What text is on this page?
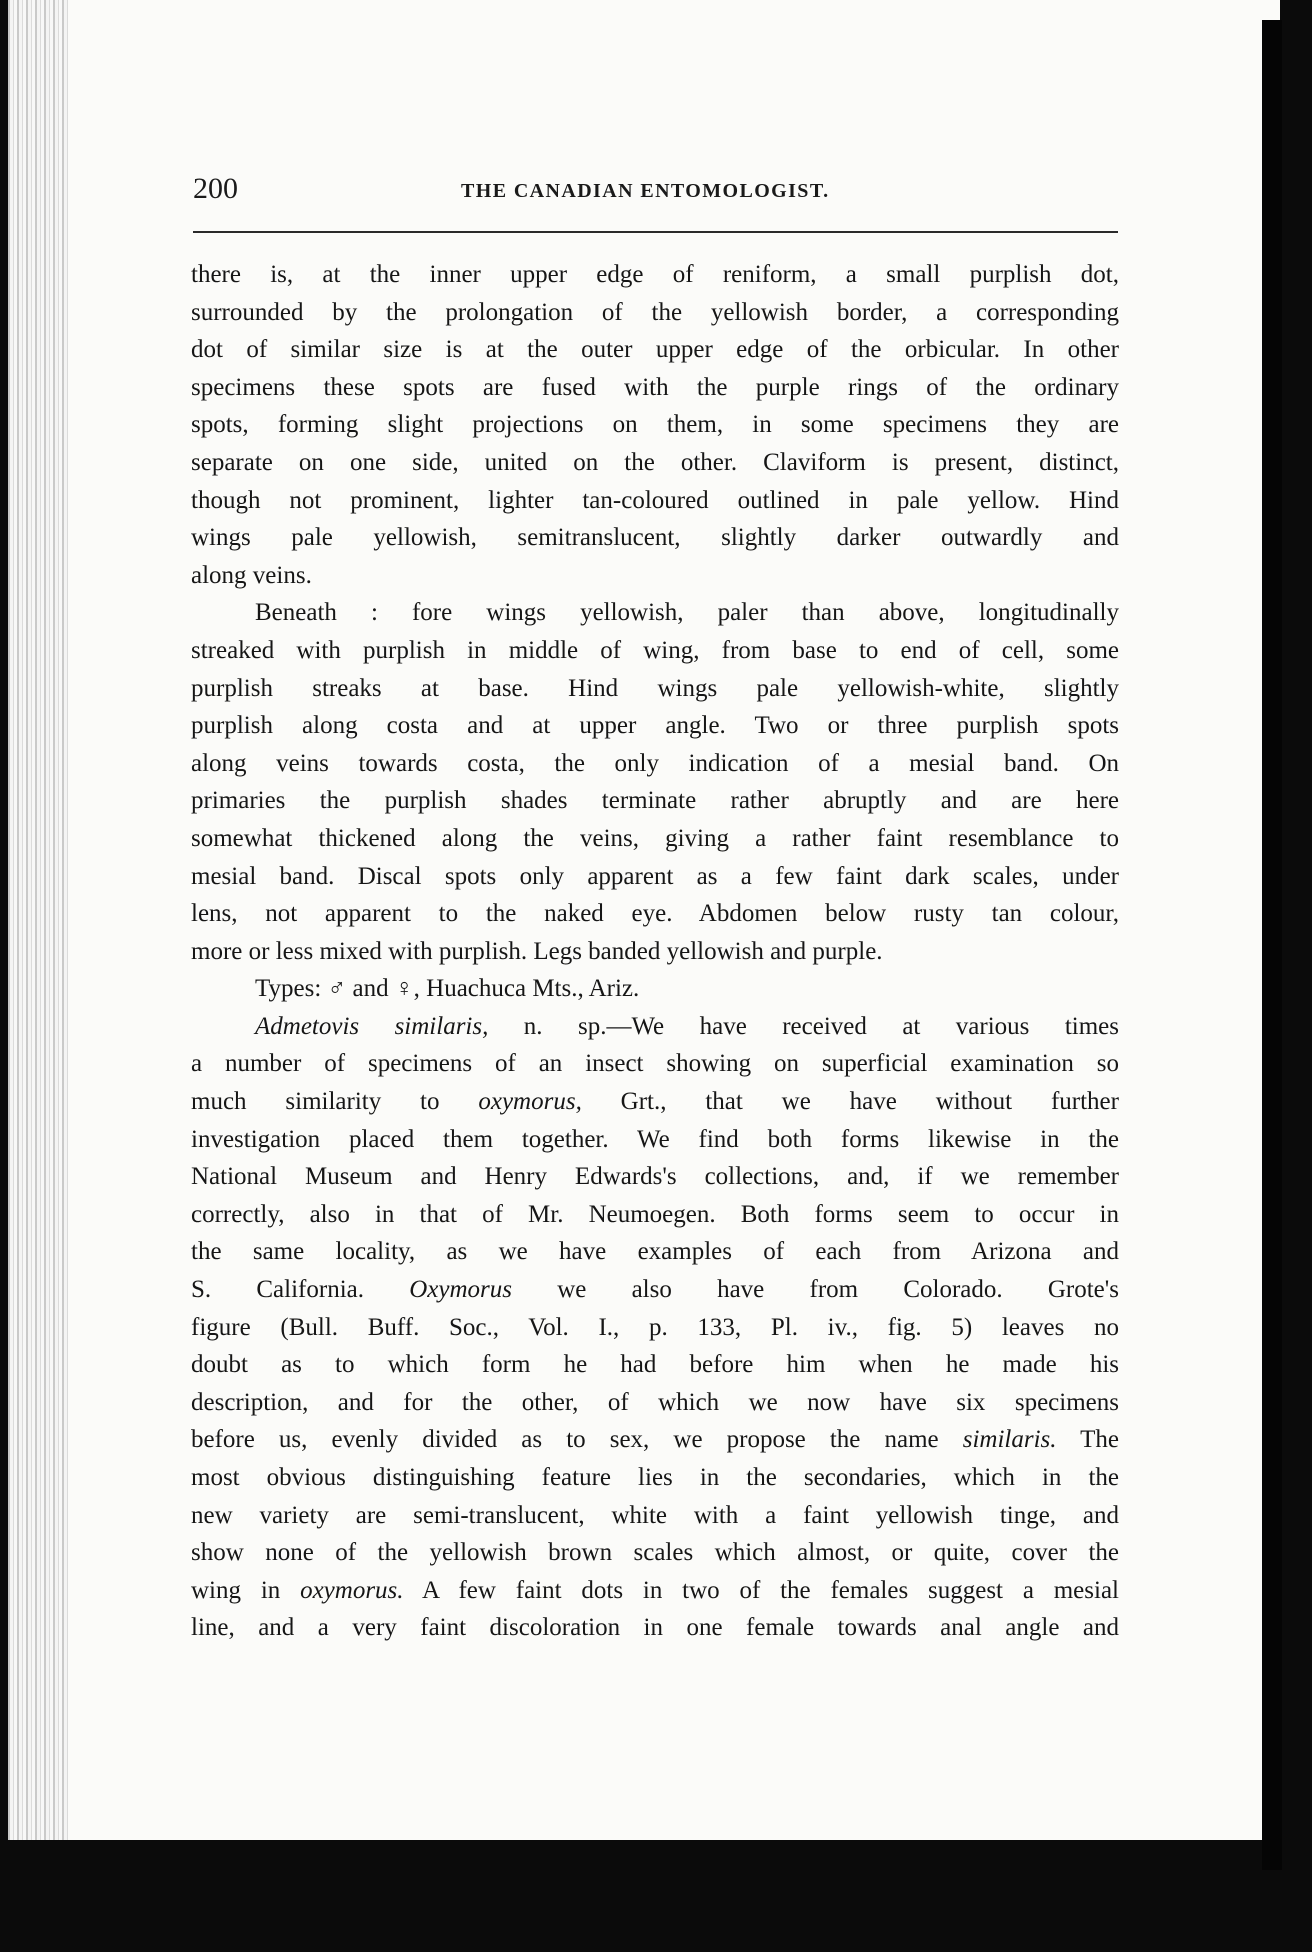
200	THE CANADIAN ENTOMOLOGIST.
there is, at the inner upper edge of reniform, a small purplish dot,
surrounded by the prolongation of the yellowish border, a corresponding
dot of similar size is at the outer upper edge of the orbicular. In other
specimens these spots are fused with the purple rings of the ordinary
spots, forming slight projections on them, in some specimens they are
separate on one side, united on the other. Claviform is present, distinct,
though not prominent, lighter tan-coloured outlined in pale yellow. Hind
wings pale yellowish, semitranslucent, slightly darker outwardly and
along veins.
Beneath : fore wings yellowish, paler than above, longitudinally
streaked with purplish in middle of wing, from base to end of cell, some
purplish streaks at base. Hind wings pale yellowish-white, slightly
purplish along costa and at upper angle. Two or three purplish spots
along veins towards costa, the only indication of a mesial band. On
primaries the purplish shades terminate rather abruptly and are here
somewhat thickened along the veins, giving a rather faint resemblance to
mesial band. Discal spots only apparent as a few faint dark scales, under
lens, not apparent to the naked eye. Abdomen below rusty tan colour,
more or less mixed with purplish. Legs banded yellowish and purple.
Types: ♂ and ♀, Huachuca Mts., Ariz.
Admetovis similaris, n. sp.—We have received at various times
a number of specimens of an insect showing on superficial examination so
much similarity to oxymorus, Grt., that we have without further
investigation placed them together. We find both forms likewise in the
National Museum and Henry Edwards's collections, and, if we remember
correctly, also in that of Mr. Neumoegen. Both forms seem to occur in
the same locality, as we have examples of each from Arizona and
S. California. Oxymorus we also have from Colorado. Grote's
figure (Bull. Buff. Soc., Vol. I., p. 133, Pl. iv., fig. 5) leaves no
doubt as to which form he had before him when he made his
description, and for the other, of which we now have six specimens
before us, evenly divided as to sex, we propose the name similaris. The
most obvious distinguishing feature lies in the secondaries, which in the
new variety are semi-translucent, white with a faint yellowish tinge, and
show none of the yellowish brown scales which almost, or quite, cover the
wing in oxymorus. A few faint dots in two of the females suggest a mesial
line, and a very faint discoloration in one female towards anal angle and
